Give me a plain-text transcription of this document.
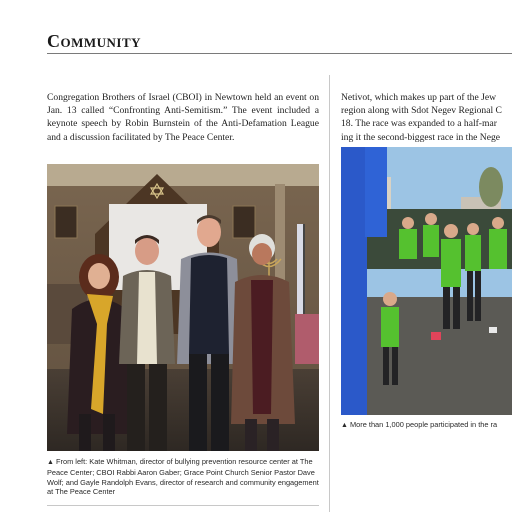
Community

Congregation Brothers of Israel (CBOI) in Newtown held an event on Jan. 13 called “Confronting Anti-Semitism.” The event included a keynote speech by Robin Burnstein of the Anti-Defamation League and a discussion facilitated by The Peace Center.

Netivot, which makes up part of the Jew
region along with Sdot Negev Regional C
18. The race was expanded to a half-mar
ing it the second-biggest race in the Nege

▲ From left: Kate Whitman, director of bullying prevention resource center at The Peace Center; CBOI Rabbi Aaron Gaber; Grace Point Church Senior Pastor Dave Wolf; and Gayle Randolph Evans, director of research and community engagement at The Peace Center

▲ More than 1,000 people participated in the ra
